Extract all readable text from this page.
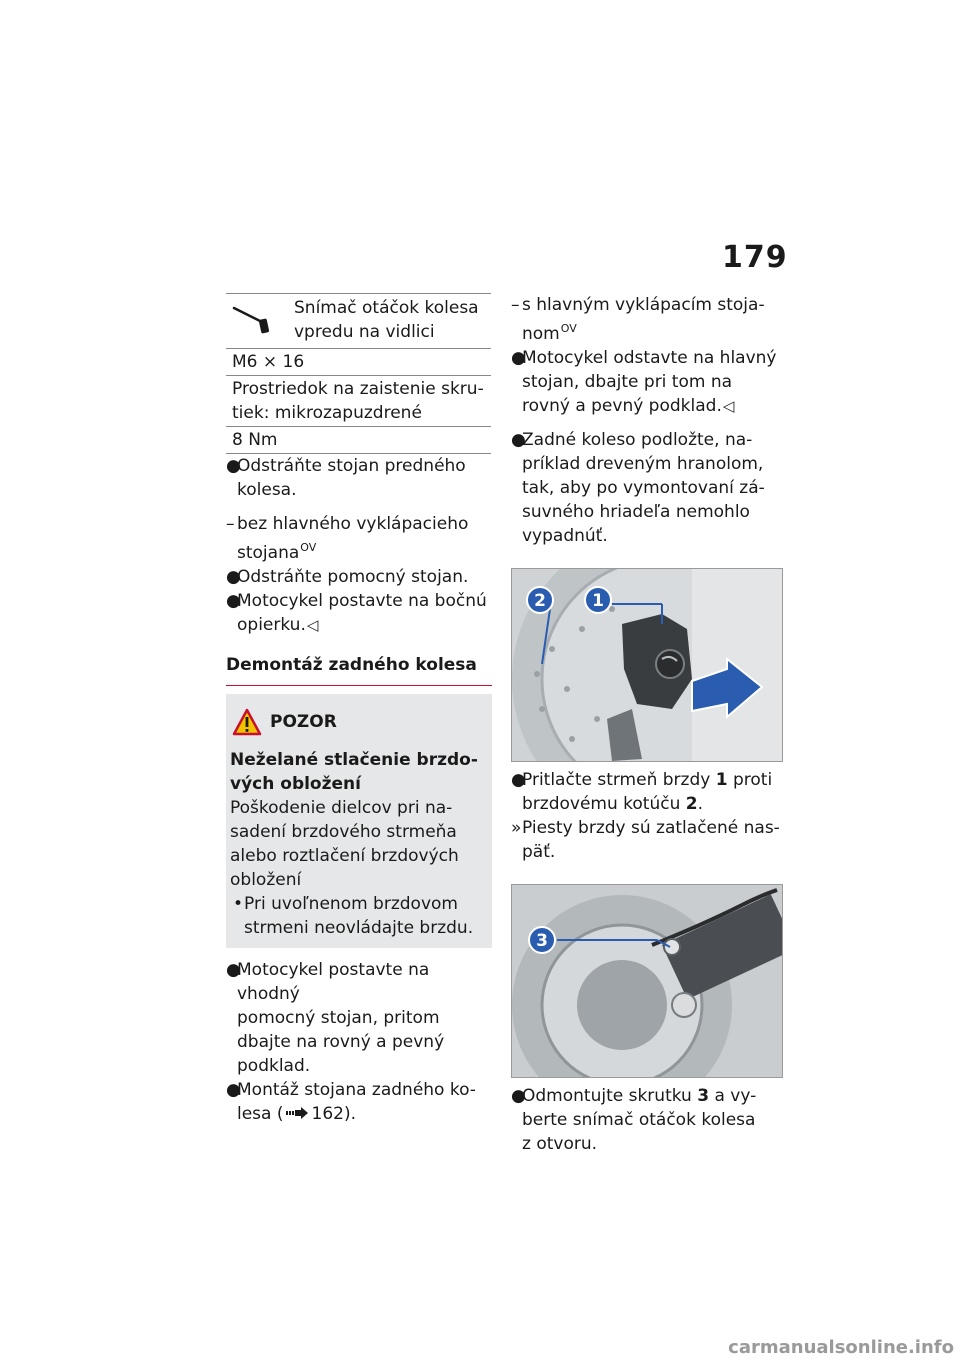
179
Snímač otáčok kolesa
vpredu na vidlici
M6 × 16
Prostriedok na zaistenie skru-
tiek: mikrozapuzdrené
8 Nm
●
Odstráňte stojan predného
kolesa.
– bez hlavného vyklápacieho
stojana$^{OV}$
●
Odstráňte pomocný stojan.
●
Motocykel postavte na bočnú
opierku.◁
Demontáž zadného kolesa
POZOR
Neželané stlačenie brzdo-
vých obložení
Poškodenie dielcov pri na-
sadení brzdového strmeňa
alebo roztlačení brzdových
obložení
• Pri uvoľnenom brzdovom
strmeni neovládajte brzdu.
●
Motocykel postavte na vhodný
pomocný stojan, pritom
dbajte na rovný a pevný
podklad.
●
Montáž stojana zadného ko-
lesa ( 162).
– s hlavným vyklápacím stoja-
nom$^{OV}$
●
Motocykel odstavte na hlavný
stojan, dbajte pri tom na
rovný a pevný podklad.◁
●
Zadné koleso podložte, na-
príklad dreveným hranolom,
tak, aby po vymontovaní zá-
suvného hriadeľa nemohlo
vypadnúť.
1
2
●
Pritlačte strmeň brzdy 1 proti
brzdovému kotúču 2.
» Piesty brzdy sú zatlačené nas-
päť.
3
●
Odmontujte skrutku 3 a vy-
berte snímač otáčok kolesa
z otvoru.
carmanualsonline.info
